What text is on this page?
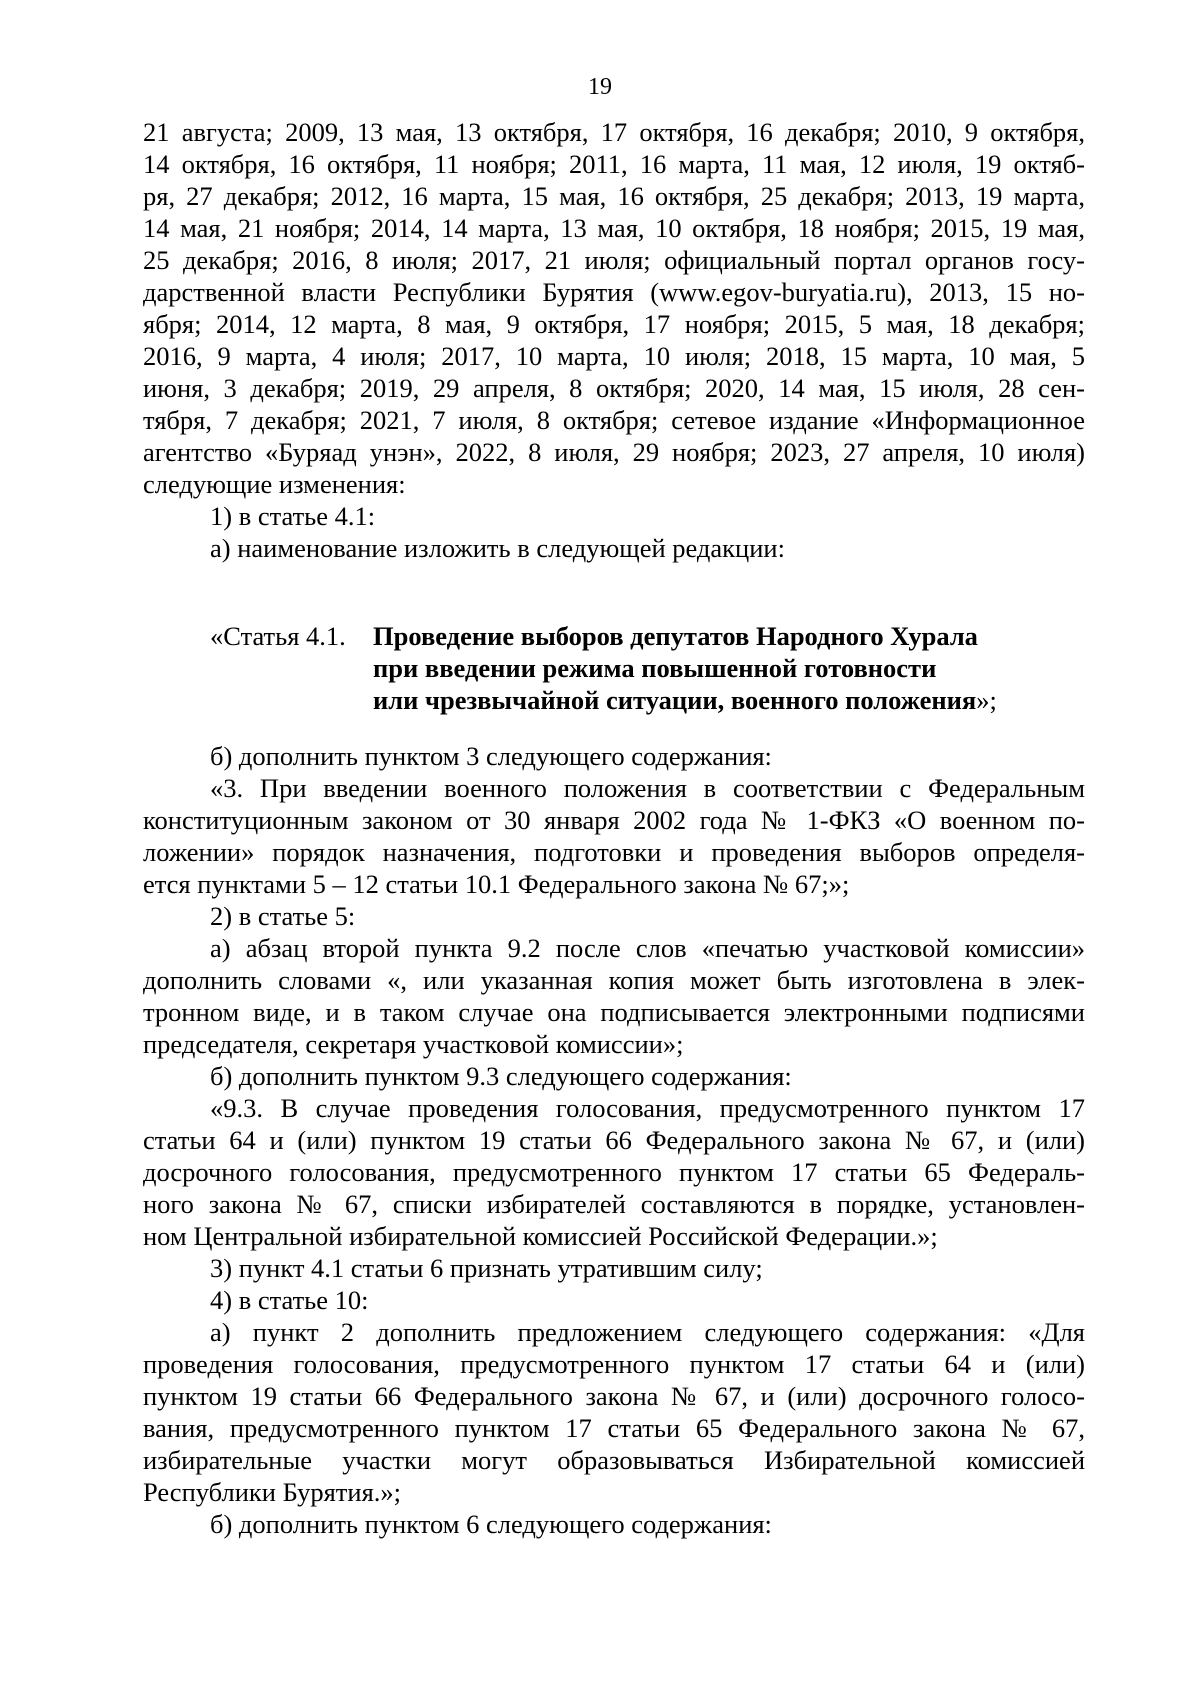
19
21 августа; 2009, 13 мая, 13 октября, 17 октября, 16 декабря; 2010, 9 октября,
14 октября, 16 октября, 11 ноября; 2011, 16 марта, 11 мая, 12 июля, 19 октяб-
ря, 27 декабря; 2012, 16 марта, 15 мая, 16 октября, 25 декабря; 2013, 19 марта,
14 мая, 21 ноября; 2014, 14 марта, 13 мая, 10 октября, 18 ноября; 2015, 19 мая,
25 декабря; 2016, 8 июля; 2017, 21 июля; официальный портал органов госу-
дарственной власти Республики Бурятия (www.egov-buryatia.ru), 2013, 15 но-
ября; 2014, 12 марта, 8 мая, 9 октября, 17 ноября; 2015, 5 мая, 18 декабря;
2016, 9 марта, 4 июля; 2017, 10 марта, 10 июля; 2018, 15 марта, 10 мая, 5
июня, 3 декабря; 2019, 29 апреля, 8 октября; 2020, 14 мая, 15 июля, 28 сен-
тября, 7 декабря; 2021, 7 июля, 8 октября; сетевое издание «Информационное
агентство «Буряад унэн», 2022, 8 июля, 29 ноября; 2023, 27 апреля, 10 июля)
следующие изменения:
1) в статье 4.1:
а) наименование изложить в следующей редакции:
«Статья 4.1. Проведение выборов депутатов Народного Хурала
при введении режима повышенной готовности
или чрезвычайной ситуации, военного положения»;
б) дополнить пунктом 3 следующего содержания:
«3. При введении военного положения в соответствии с Федеральным
конституционным законом от 30 января 2002 года № 1-ФКЗ «О военном по-
ложении» порядок назначения, подготовки и проведения выборов определя-
ется пунктами 5 – 12 статьи 10.1 Федерального закона № 67;»;
2) в статье 5:
а) абзац второй пункта 9.2 после слов «печатью участковой комиссии»
дополнить словами «, или указанная копия может быть изготовлена в элек-
тронном виде, и в таком случае она подписывается электронными подписями
председателя, секретаря участковой комиссии»;
б) дополнить пунктом 9.3 следующего содержания:
«9.3. В случае проведения голосования, предусмотренного пунктом 17
статьи 64 и (или) пунктом 19 статьи 66 Федерального закона № 67, и (или)
досрочного голосования, предусмотренного пунктом 17 статьи 65 Федераль-
ного закона № 67, списки избирателей составляются в порядке, установлен-
ном Центральной избирательной комиссией Российской Федерации.»;
3) пункт 4.1 статьи 6 признать утратившим силу;
4) в статье 10:
а) пункт 2 дополнить предложением следующего содержания: «Для
проведения голосования, предусмотренного пунктом 17 статьи 64 и (или)
пунктом 19 статьи 66 Федерального закона № 67, и (или) досрочного голосо-
вания, предусмотренного пунктом 17 статьи 65 Федерального закона № 67,
избирательные участки могут образовываться Избирательной комиссией
Республики Бурятия.»;
б) дополнить пунктом 6 следующего содержания:
